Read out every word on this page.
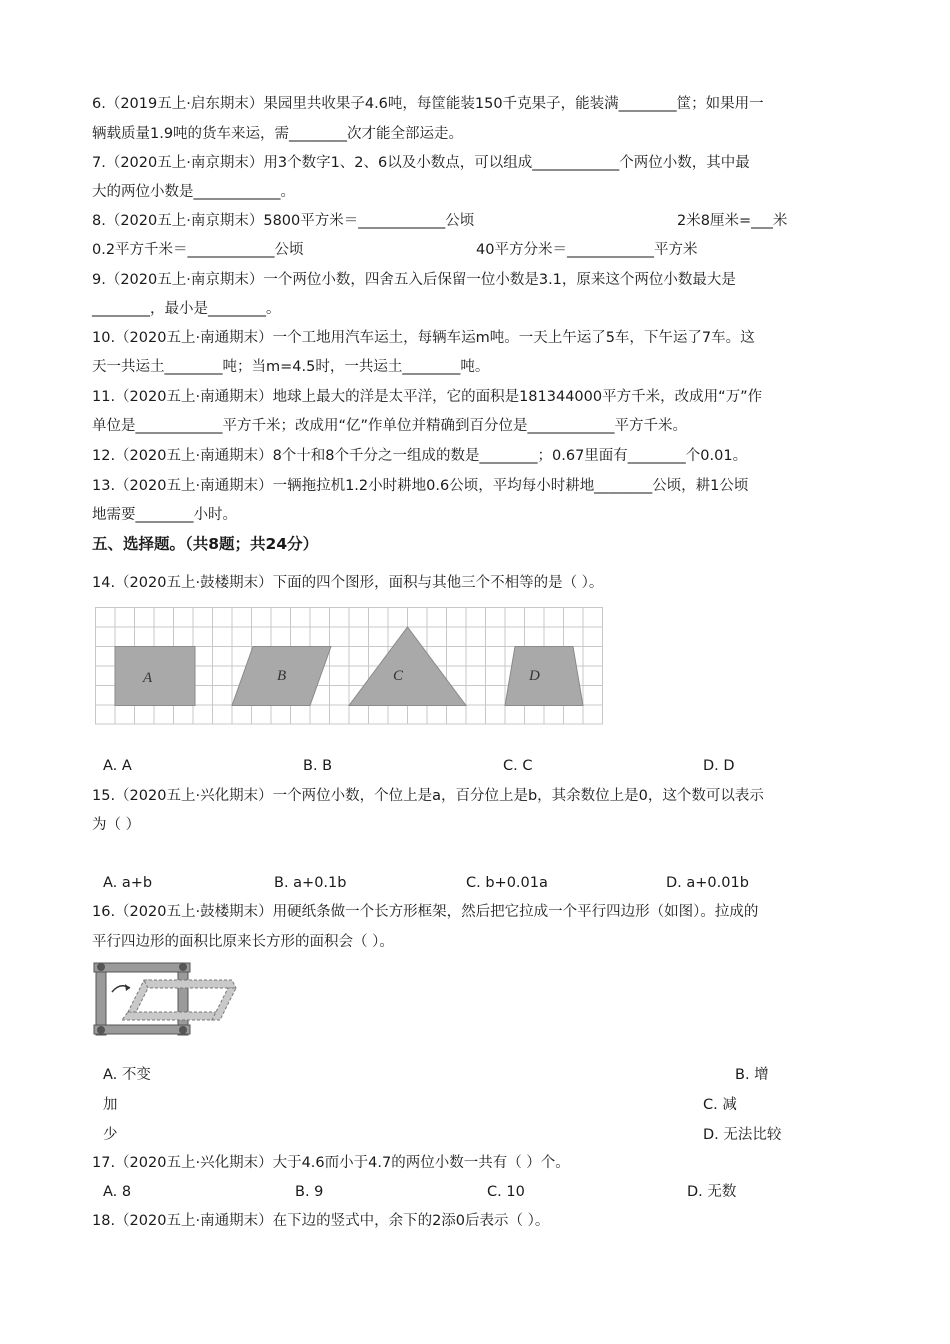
6.（2019五上·启东期末）果园里共收果子4.6吨，每筐能装150千克果子，能装满________筐；如果用一
辆载质量1.9吨的货车来运，需________次才能全部运走。
7.（2020五上·南京期末）用3个数字1、2、6以及小数点，可以组成____________个两位小数，其中最
大的两位小数是____________。
8.（2020五上·南京期末）5800平方米＝____________公顷	2米8厘米=___米
0.2平方千米＝____________公顷	40平方分米＝____________平方米
9.（2020五上·南京期末）一个两位小数，四舍五入后保留一位小数是3.1，原来这个两位小数最大是
________，最小是________。
10.（2020五上·南通期末）一个工地用汽车运土，每辆车运m吨。一天上午运了5车，下午运了7车。这
天一共运土________吨；当m=4.5时，一共运土________吨。
11.（2020五上·南通期末）地球上最大的洋是太平洋，它的面积是181344000平方千米，改成用“万”作
单位是____________平方千米；改成用“亿”作单位并精确到百分位是____________平方千米。
12.（2020五上·南通期末）8个十和8个千分之一组成的数是________；0.67里面有________个0.01。
13.（2020五上·南通期末）一辆拖拉机1.2小时耕地0.6公顷，平均每小时耕地________公顷，耕1公顷
地需要________小时。
五、选择题。（共8题；共24分）
14.（2020五上·鼓楼期末）下面的四个图形，面积与其他三个不相等的是（ ）。
A	B	C	D
A. A	B. B	C. C	D. D
15.（2020五上·兴化期末）一个两位小数，个位上是a，百分位上是b，其余数位上是0，这个数可以表示
为（ ）
A. a+b	B. a+0.1b	C. b+0.01a	D. a+0.01b
16.（2020五上·鼓楼期末）用硬纸条做一个长方形框架，然后把它拉成一个平行四边形（如图）。拉成的
平行四边形的面积比原来长方形的面积会（ ）。
A. 不变	B. 增
加	C. 减
少	D. 无法比较
17.（2020五上·兴化期末）大于4.6而小于4.7的两位小数一共有（ ）个。
A. 8	B. 9	C. 10	D. 无数
18.（2020五上·南通期末）在下边的竖式中，余下的2添0后表示（ ）。
